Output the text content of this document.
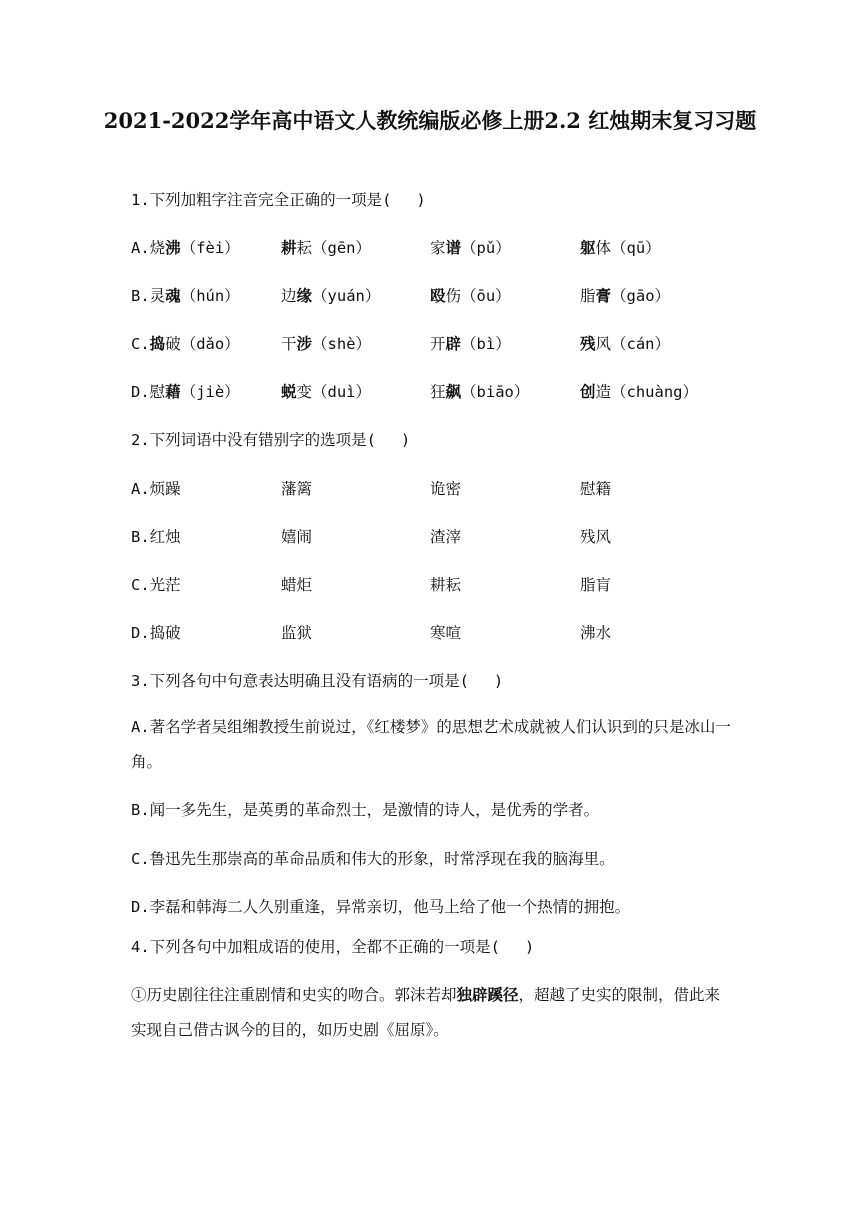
2021-2022学年高中语文人教统编版必修上册2.2 红烛期末复习习题
1.下列加粗字注音完全正确的一项是(　 )
A.烧沸（fèi）	耕耘（gēn）	家谱（pǔ）	躯体（qū）
B.灵魂（hún）	边缘（yuán）	殴伤（ōu）	脂膏（gāo）
C.捣破（dǎo）	干涉（shè）	开辟（bì）	残风（cán）
D.慰藉（jiè）	蜕变（duì）	狂飙（biāo）	创造（chuàng）
2.下列词语中没有错别字的选项是(　 )
A.烦躁	藩篱	诡密	慰籍
B.红烛	嬉闹	渣滓	残风
C.光茫	蜡炬	耕耘	脂肓
D.捣破	监狱	寒喧	沸水
3.下列各句中句意表达明确且没有语病的一项是(　 )
A.著名学者吴组缃教授生前说过，《红楼梦》的思想艺术成就被人们认识到的只是冰山一角。
B.闻一多先生，是英勇的革命烈士，是激情的诗人，是优秀的学者。
C.鲁迅先生那崇高的革命品质和伟大的形象，时常浮现在我的脑海里。
D.李磊和韩海二人久别重逢，异常亲切，他马上给了他一个热情的拥抱。
4.下列各句中加粗成语的使用，全都不正确的一项是(　 )
①历史剧往往注重剧情和史实的吻合。郭沫若却独辟蹊径，超越了史实的限制，借此来实现自己借古讽今的目的，如历史剧《屈原》。
